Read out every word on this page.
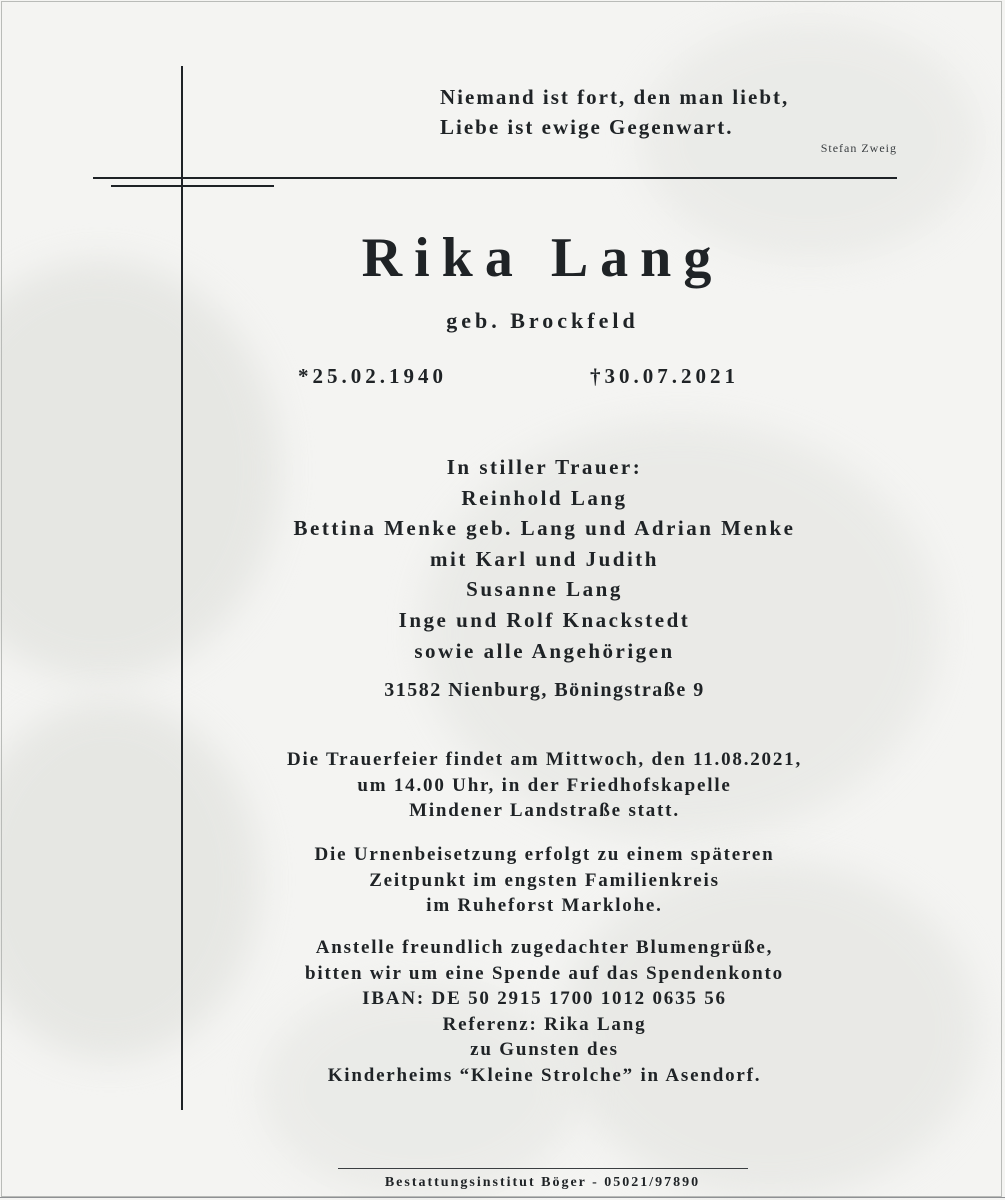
Niemand ist fort, den man liebt,
Liebe ist ewige Gegenwart.
Stefan Zweig
Rika Lang
geb. Brockfeld
*25.02.1940	†30.07.2021
In stiller Trauer:
Reinhold Lang
Bettina Menke geb. Lang und Adrian Menke
mit Karl und Judith
Susanne Lang
Inge und Rolf Knackstedt
sowie alle Angehörigen
31582 Nienburg, Böningstraße 9
Die Trauerfeier findet am Mittwoch, den 11.08.2021,
um 14.00 Uhr, in der Friedhofskapelle
Mindener Landstraße statt.
Die Urnenbeisetzung erfolgt zu einem späteren
Zeitpunkt im engsten Familienkreis
im Ruheforst Marklohe.
Anstelle freundlich zugedachter Blumengrüße,
bitten wir um eine Spende auf das Spendenkonto
IBAN: DE 50 2915 1700 1012 0635 56
Referenz: Rika Lang
zu Gunsten des
Kinderheims “Kleine Strolche” in Asendorf.
Bestattungsinstitut Böger - 05021/97890
